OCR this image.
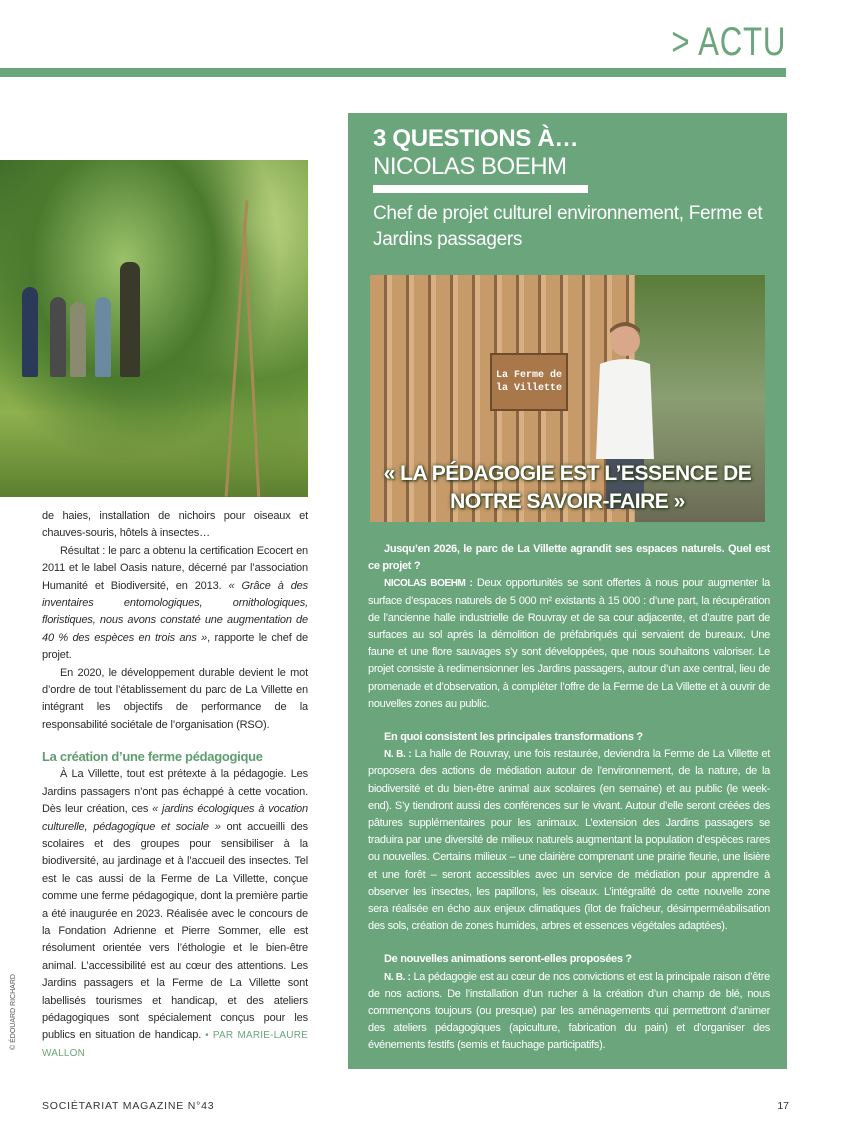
> ACTU
de haies, installation de nichoirs pour oiseaux et chauves-souris, hôtels à insectes…

Résultat : le parc a obtenu la certification Ecocert en 2011 et le label Oasis nature, décerné par l’association Humanité et Biodiversité, en 2013. « Grâce à des inventaires entomologiques, ornithologiques, floristiques, nous avons constaté une augmentation de 40 % des espèces en trois ans », rapporte le chef de projet.

En 2020, le développement durable devient le mot d’ordre de tout l’établissement du parc de La Villette en intégrant les objectifs de performance de la responsabilité sociétale de l’organisation (RSO).

La création d’une ferme pédagogique

À La Villette, tout est prétexte à la pédagogie. Les Jardins passagers n’ont pas échappé à cette vocation. Dès leur création, ces « jardins écologiques à vocation culturelle, pédagogique et sociale » ont accueilli des scolaires et des groupes pour sensibiliser à la biodiversité, au jardinage et à l’accueil des insectes. Tel est le cas aussi de la Ferme de La Villette, conçue comme une ferme pédagogique, dont la première partie a été inaugurée en 2023. Réalisée avec le concours de la Fondation Adrienne et Pierre Sommer, elle est résolument orientée vers l’éthologie et le bien-être animal. L’accessibilité est au cœur des attentions. Les Jardins passagers et la Ferme de La Villette sont labellisés tourismes et handicap, et des ateliers pédagogiques sont spécialement conçus pour les publics en situation de handicap. • PAR MARIE-LAURE WALLON

© ÉDOUARD RICHARD
3 QUESTIONS À…
NICOLAS BOEHM
Chef de projet culturel environnement, Ferme et Jardins passagers
La Ferme de la Villette
« LA PÉDAGOGIE EST L’ESSENCE DE NOTRE SAVOIR-FAIRE »

Jusqu’en 2026, le parc de La Villette agrandit ses espaces naturels. Quel est ce projet ?

NICOLAS BOEHM : Deux opportunités se sont offertes à nous pour augmenter la surface d’espaces naturels de 5 000 m² existants à 15 000 : d’une part, la récupération de l’ancienne halle industrielle de Rouvray et de sa cour adjacente, et d’autre part de surfaces au sol après la démolition de préfabriqués qui servaient de bureaux. Une faune et une flore sauvages s’y sont développées, que nous souhaitons valoriser. Le projet consiste à redimensionner les Jardins passagers, autour d’un axe central, lieu de promenade et d’observation, à compléter l’offre de la Ferme de La Villette et à ouvrir de nouvelles zones au public.

En quoi consistent les principales transformations ?

N. B. : La halle de Rouvray, une fois restaurée, deviendra la Ferme de La Villette et proposera des actions de médiation autour de l’environnement, de la nature, de la biodiversité et du bien-être animal aux scolaires (en semaine) et au public (le week-end). S’y tiendront aussi des conférences sur le vivant. Autour d’elle seront créées des pâtures supplémentaires pour les animaux. L’extension des Jardins passagers se traduira par une diversité de milieux naturels augmentant la population d’espèces rares ou nouvelles. Certains milieux – une clairière comprenant une prairie fleurie, une lisière et une forêt – seront accessibles avec un service de médiation pour apprendre à observer les insectes, les papillons, les oiseaux. L’intégralité de cette nouvelle zone sera réalisée en écho aux enjeux climatiques (îlot de fraîcheur, désimperméabilisation des sols, création de zones humides, arbres et essences végétales adaptées).

De nouvelles animations seront-elles proposées ?

N. B. : La pédagogie est au cœur de nos convictions et est la principale raison d’être de nos actions. De l’installation d’un rucher à la création d’un champ de blé, nous commençons toujours (ou presque) par les aménagements qui permettront d’animer des ateliers pédagogiques (apiculture, fabrication du pain) et d’organiser des événements festifs (semis et fauchage participatifs).

SOCIÉTARIAT MAGAZINE N°43	17
